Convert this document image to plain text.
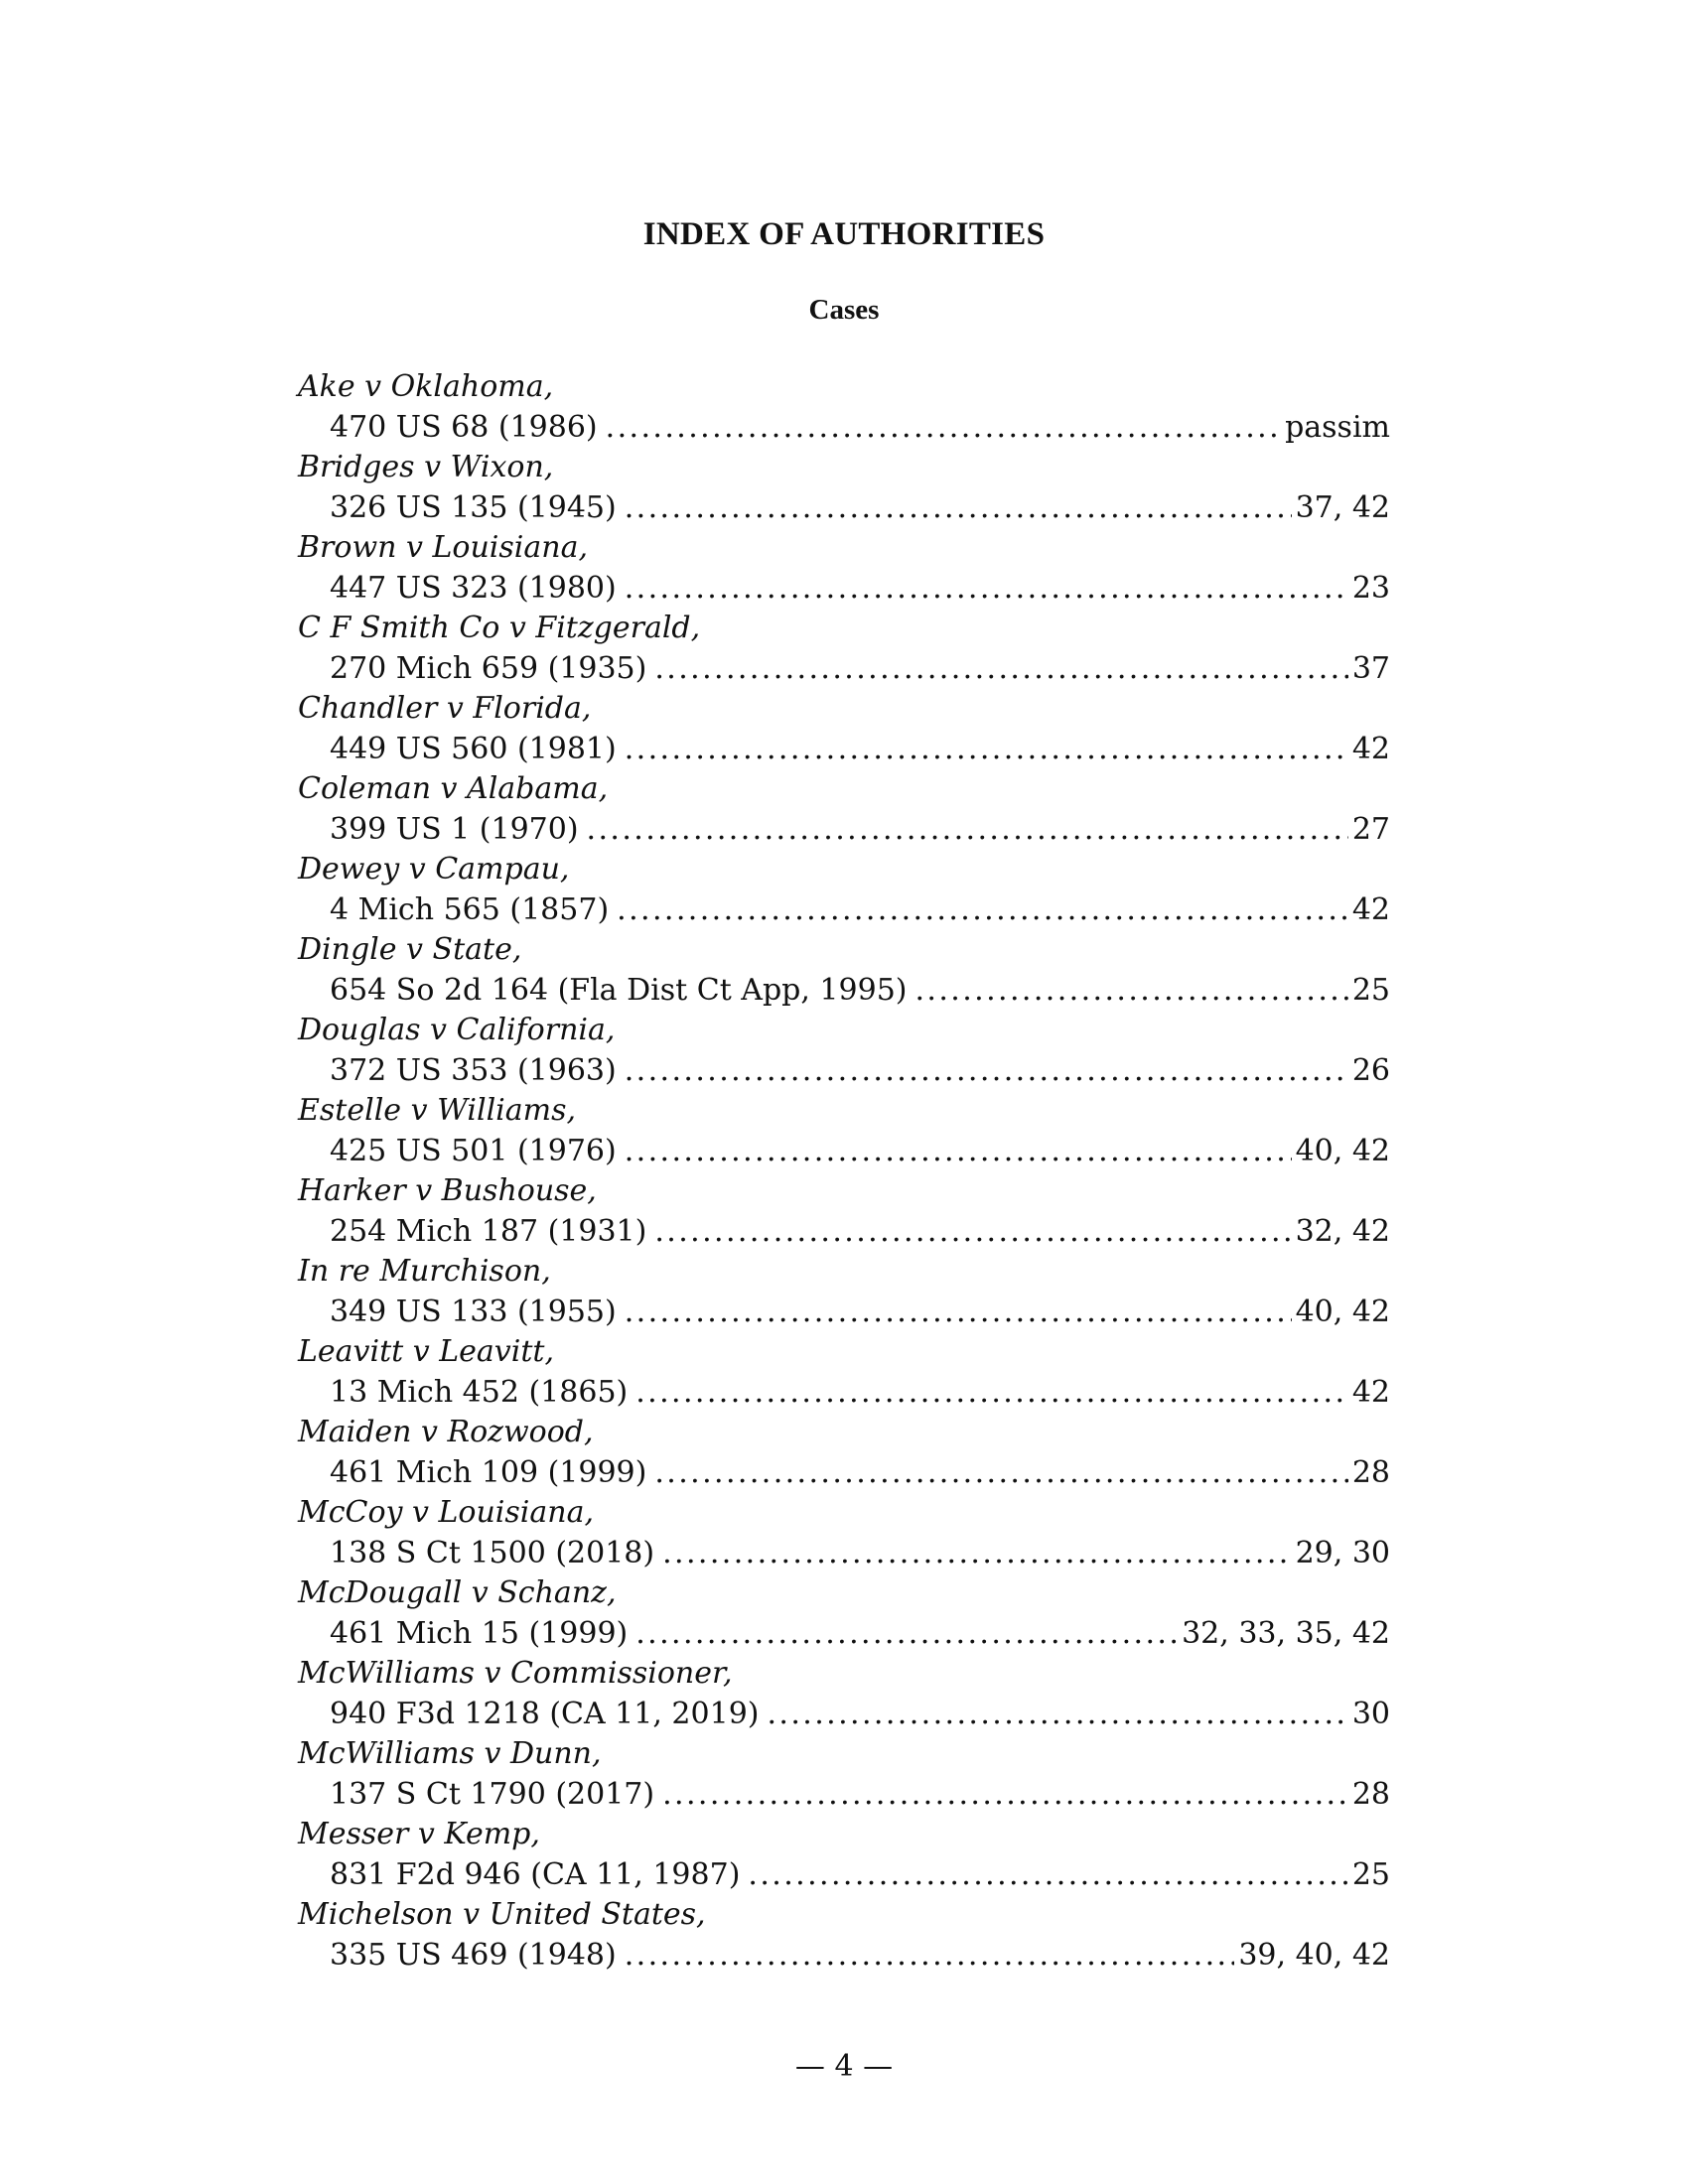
INDEX OF AUTHORITIES
Cases
Ake v Oklahoma,
470 US 68 (1986) .....	passim
Bridges v Wixon,
326 US 135 (1945) .....	37, 42
Brown v Louisiana,
447 US 323 (1980) .....	23
C F Smith Co v Fitzgerald,
270 Mich 659 (1935) .....	37
Chandler v Florida,
449 US 560 (1981) .....	42
Coleman v Alabama,
399 US 1 (1970) .....	27
Dewey v Campau,
4 Mich 565 (1857) .....	42
Dingle v State,
654 So 2d 164 (Fla Dist Ct App, 1995) .....	25
Douglas v California,
372 US 353 (1963) .....	26
Estelle v Williams,
425 US 501 (1976) .....	40, 42
Harker v Bushouse,
254 Mich 187 (1931) .....	32, 42
In re Murchison,
349 US 133 (1955) .....	40, 42
Leavitt v Leavitt,
13 Mich 452 (1865) .....	42
Maiden v Rozwood,
461 Mich 109 (1999) .....	28
McCoy v Louisiana,
138 S Ct 1500 (2018) .....	29, 30
McDougall v Schanz,
461 Mich 15 (1999) .....	32, 33, 35, 42
McWilliams v Commissioner,
940 F3d 1218 (CA 11, 2019) .....	30
McWilliams v Dunn,
137 S Ct 1790 (2017) .....	28
Messer v Kemp,
831 F2d 946 (CA 11, 1987) .....	25
Michelson v United States,
335 US 469 (1948) .....	39, 40, 42

— 4 —
